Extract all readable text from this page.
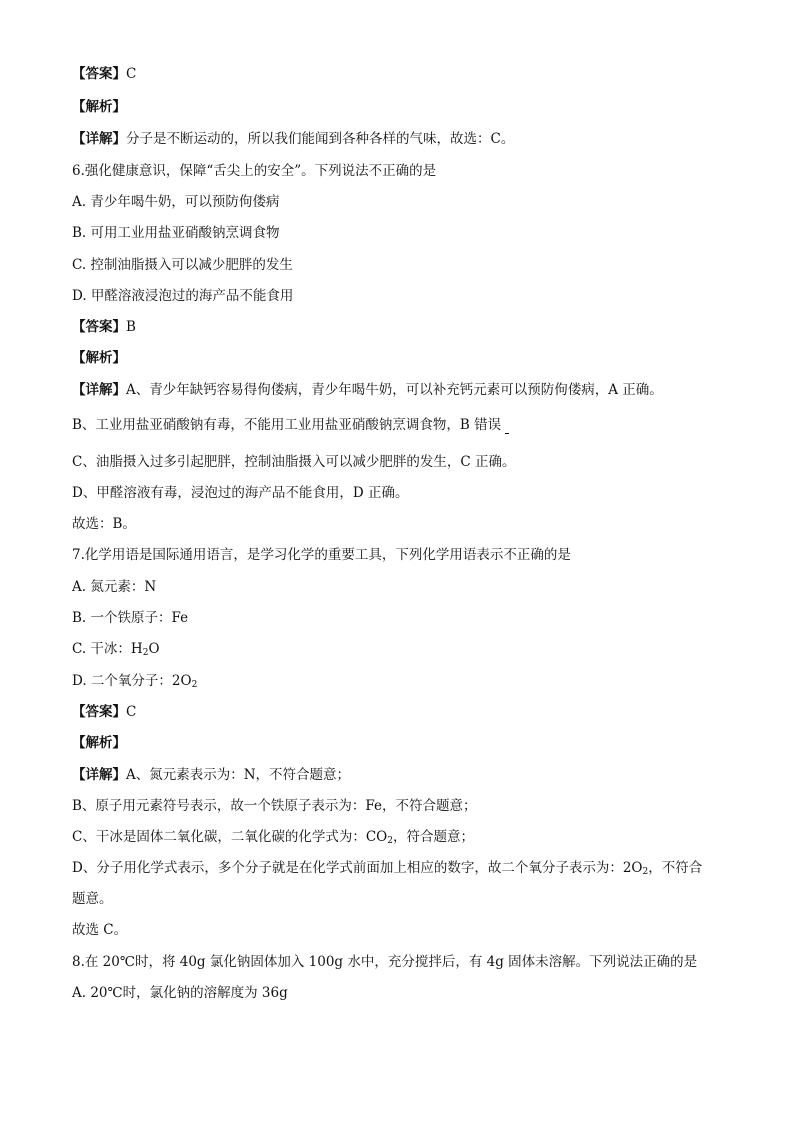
【答案】C
【解析】
【详解】分子是不断运动的，所以我们能闻到各种各样的气味，故选：C。
6.强化健康意识，保障“舌尖上的安全”。下列说法不正确的是
A. 青少年喝牛奶，可以预防佝偻病
B. 可用工业用盐亚硝酸钠烹调食物
C. 控制油脂摄入可以减少肥胖的发生
D. 甲醛溶液浸泡过的海产品不能食用
【答案】B
【解析】
【详解】A、青少年缺钙容易得佝偻病，青少年喝牛奶，可以补充钙元素可以预防佝偻病，A 正确。
B、工业用盐亚硝酸钠有毒，不能用工业用盐亚硝酸钠烹调食物，B 错误
C、油脂摄入过多引起肥胖，控制油脂摄入可以减少肥胖的发生，C 正确。
D、甲醛溶液有毒，浸泡过的海产品不能食用，D 正确。
故选：B。
7.化学用语是国际通用语言，是学习化学的重要工具，下列化学用语表示不正确的是
A. 氮元素：N
B. 一个铁原子：Fe
C. 干冰：$H_2O$
D. 二个氧分子：$2O_2$
【答案】C
【解析】
【详解】A、氮元素表示为：N，不符合题意；
B、原子用元素符号表示，故一个铁原子表示为：Fe，不符合题意；
C、干冰是固体二氧化碳，二氧化碳的化学式为：$CO_2$，符合题意；
D、分子用化学式表示，多个分子就是在化学式前面加上相应的数字，故二个氧分子表示为：$2O_2$，不符合
题意。
故选 C。
8.在 20℃时，将 40g 氯化钠固体加入 100g 水中，充分搅拌后，有 4g 固体未溶解。下列说法正确的是
A. 20℃时，氯化钠的溶解度为 36g
